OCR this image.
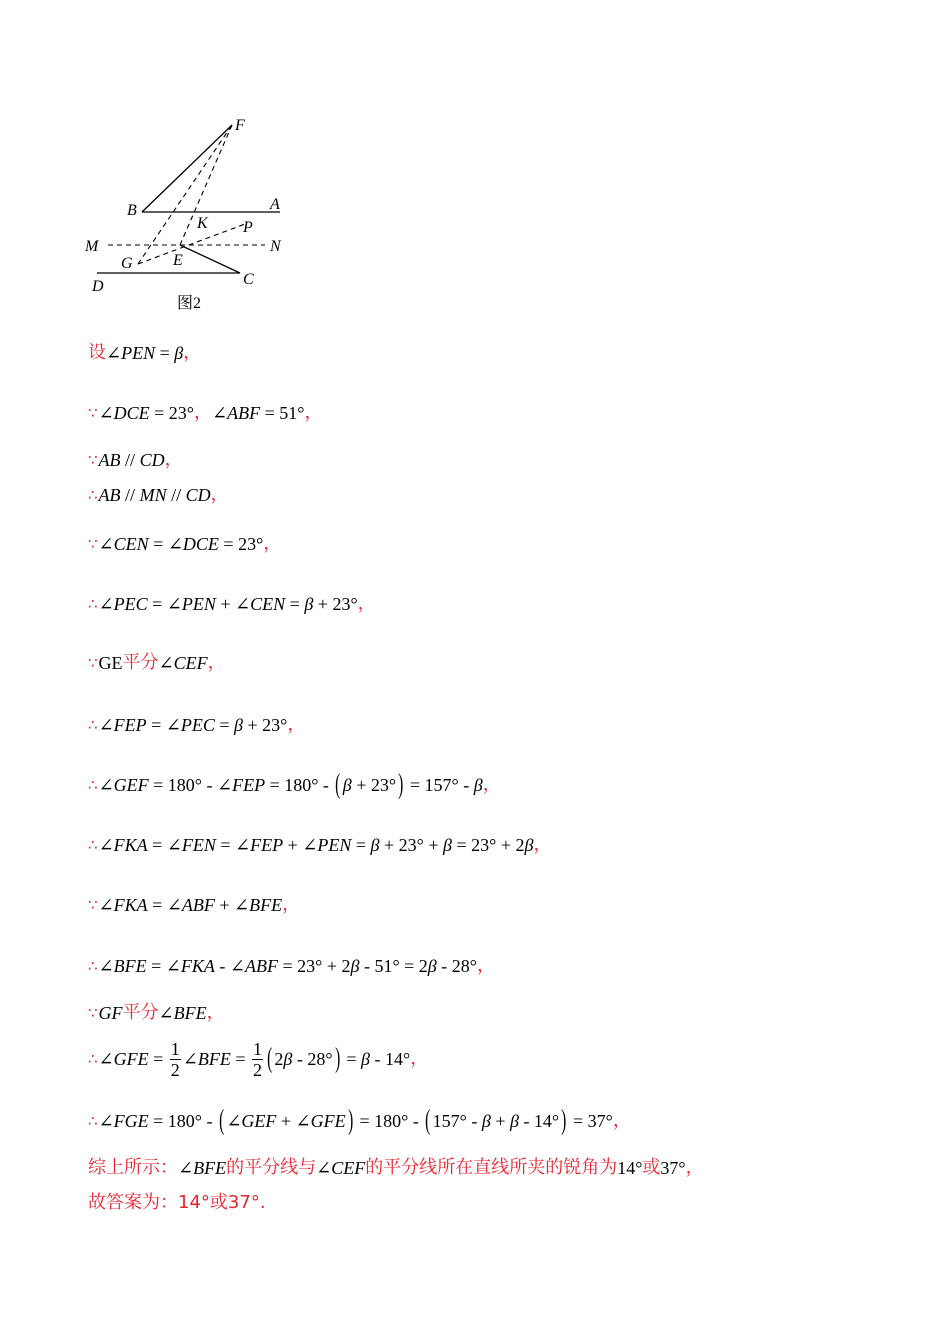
F
B	A
K P
M	N
G	E
D	C
图2
设 ∠ P E N = β ，
∵ ∠ D C E = 23° ， ∠ A B F = 51° ，
∵ A B // C D ，
∴ A B // M N // C D ，
∵ ∠ C E N = ∠ D C E = 23° ，
∴ ∠ P E C = ∠ P E N + ∠ C E N = β + 23° ，
∵ GE 平 分 ∠ C E F ，
∴ ∠ F E P = ∠ P E C = β + 23° ，
∴ ∠ G E F = 180° - ∠ F E P = 180° - ( β + 23° ) = 157° - β ，
∴ ∠ F K A = ∠ F E N = ∠ F E P + ∠ P E N = β + 23° + β = 23° + 2 β ，
∵ ∠ F K A = ∠ A B F + ∠ B F E ，
∴ ∠ B F E = ∠ F K A - ∠ A B F = 23° + 2 β - 51° = 2 β - 28° ，
∵ G F 平 分 ∠ B F E ，
∴ ∠ G F $E = \frac{1}{2}$ ∠ B F $E = \frac{1}{2}$ ( 2 β - 28° ) = β - 14° ，
∴ ∠ F G E = 180° - ( ∠ G E F + ∠ G F E ) = 180° - ( 157° - β + β - 14° ) = 37° ，
综 上 所 示 ： ∠ B F E 的 平 分 线 与 ∠ C E F 的 平 分 线 所 在 直 线 所 夹 的 锐 角 为 14° 或 37° ，
故 答 案 为 ： 1 4 ° 或 3 7 ° .
